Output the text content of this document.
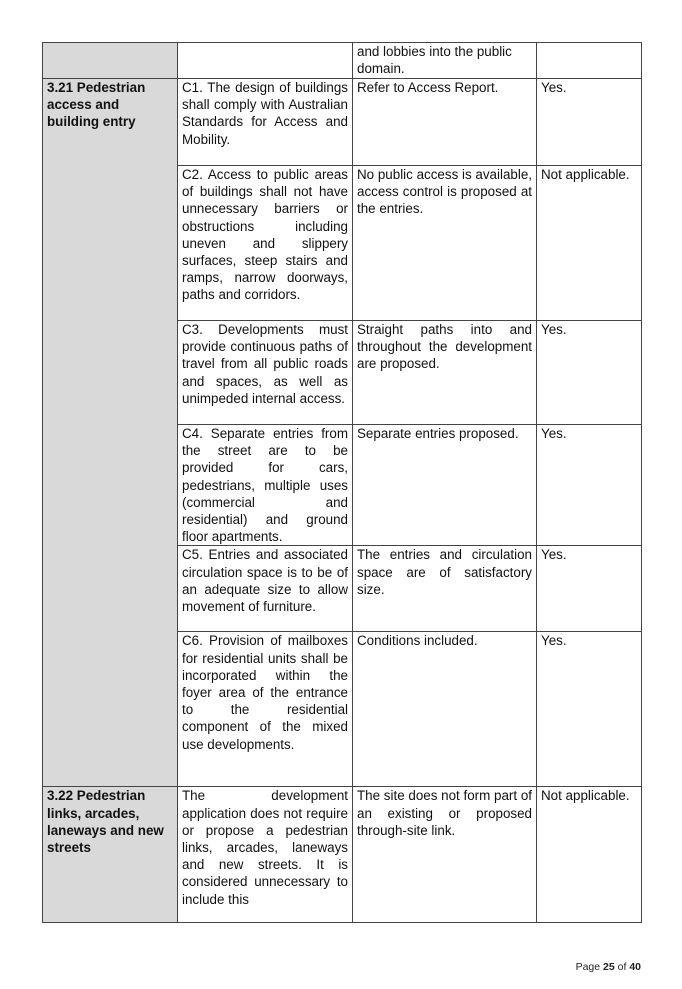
		and lobbies into the public domain.	
3.21 Pedestrian access and building entry	C1. The design of buildings shall comply with Australian Standards for Access and Mobility.	Refer to Access Report.	Yes.
	C2. Access to public areas of buildings shall not have unnecessary barriers or obstructions including uneven and slippery surfaces, steep stairs and ramps, narrow doorways, paths and corridors.	No public access is available, access control is proposed at the entries.	Not applicable.
	C3. Developments must provide continuous paths of travel from all public roads and spaces, as well as unimpeded internal access.	Straight paths into and throughout the development are proposed.	Yes.
	C4. Separate entries from the street are to be provided for cars, pedestrians, multiple uses (commercial and residential) and ground floor apartments.	Separate entries proposed.	Yes.
	C5. Entries and associated circulation space is to be of an adequate size to allow movement of furniture.	The entries and circulation space are of satisfactory size.	Yes.
	C6. Provision of mailboxes for residential units shall be incorporated within the foyer area of the entrance to the residential component of the mixed use developments.	Conditions included.	Yes.
3.22 Pedestrian links, arcades, laneways and new streets	The development application does not require or propose a pedestrian links, arcades, laneways and new streets. It is considered unnecessary to include this	The site does not form part of an existing or proposed through-site link.	Not applicable.
Page 25 of 40
